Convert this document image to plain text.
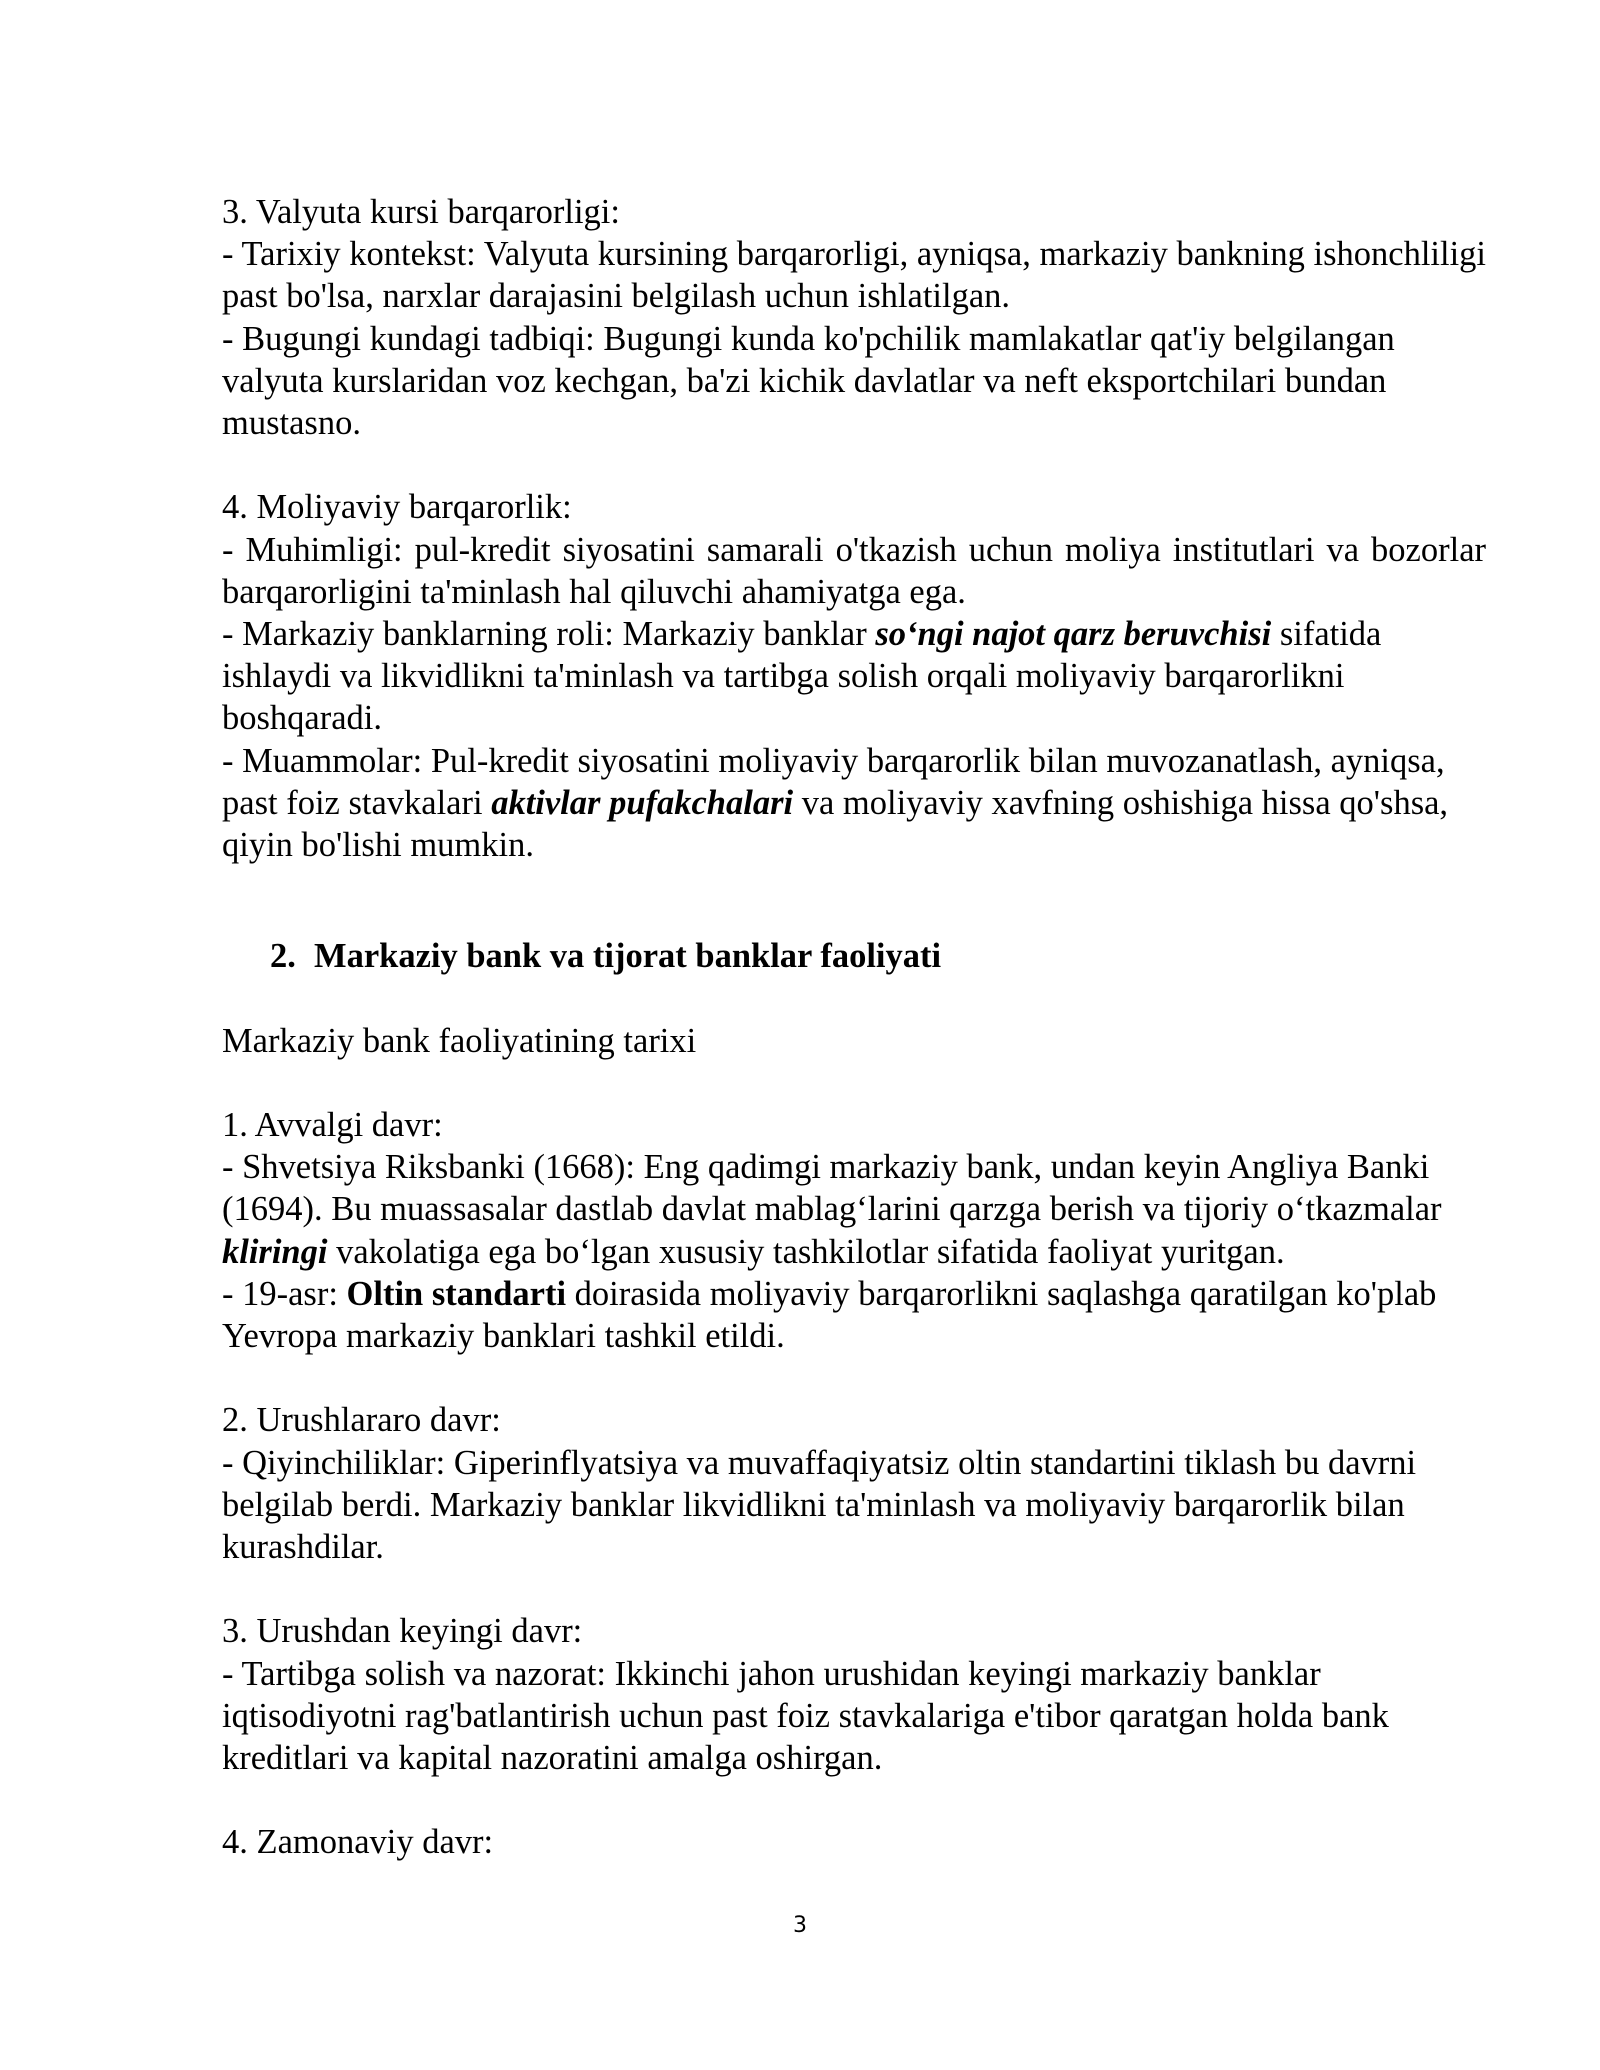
3. Valyuta kursi barqarorligi:

- Tarixiy kontekst: Valyuta kursining barqarorligi, ayniqsa, markaziy bankning ishonchliligi past bo'lsa, narxlar darajasini belgilash uchun ishlatilgan.

- Bugungi kundagi tadbiqi: Bugungi kunda ko'pchilik mamlakatlar qat'iy belgilangan valyuta kurslaridan voz kechgan, ba'zi kichik davlatlar va neft eksportchilari bundan mustasno.

4. Moliyaviy barqarorlik:

- Muhimligi: pul-kredit siyosatini samarali o'tkazish uchun moliya institutlari va bozorlar barqarorligini ta'minlash hal qiluvchi ahamiyatga ega.

- Markaziy banklarning roli: Markaziy banklar so‘ngi najot qarz beruvchisi sifatida ishlaydi va likvidlikni ta'minlash va tartibga solish orqali moliyaviy barqarorlikni boshqaradi.

- Muammolar: Pul-kredit siyosatini moliyaviy barqarorlik bilan muvozanatlash, ayniqsa, past foiz stavkalari aktivlar pufakchalari va moliyaviy xavfning oshishiga hissa qo'shsa, qiyin bo'lishi mumkin.

2. Markaziy bank va tijorat banklar faoliyati

Markaziy bank faoliyatining tarixi

1. Avvalgi davr:

- Shvetsiya Riksbanki (1668): Eng qadimgi markaziy bank, undan keyin Angliya Banki (1694). Bu muassasalar dastlab davlat mablag‘larini qarzga berish va tijoriy o‘tkazmalar kliringi vakolatiga ega bo‘lgan xususiy tashkilotlar sifatida faoliyat yuritgan.

- 19-asr: Oltin standarti doirasida moliyaviy barqarorlikni saqlashga qaratilgan ko'plab Yevropa markaziy banklari tashkil etildi.

2. Urushlararo davr:

- Qiyinchiliklar: Giperinflyatsiya va muvaffaqiyatsiz oltin standartini tiklash bu davrni belgilab berdi. Markaziy banklar likvidlikni ta'minlash va moliyaviy barqarorlik bilan kurashdilar.

3. Urushdan keyingi davr:

- Tartibga solish va nazorat: Ikkinchi jahon urushidan keyingi markaziy banklar iqtisodiyotni rag'batlantirish uchun past foiz stavkalariga e'tibor qaratgan holda bank kreditlari va kapital nazoratini amalga oshirgan.

4. Zamonaviy davr:

3
